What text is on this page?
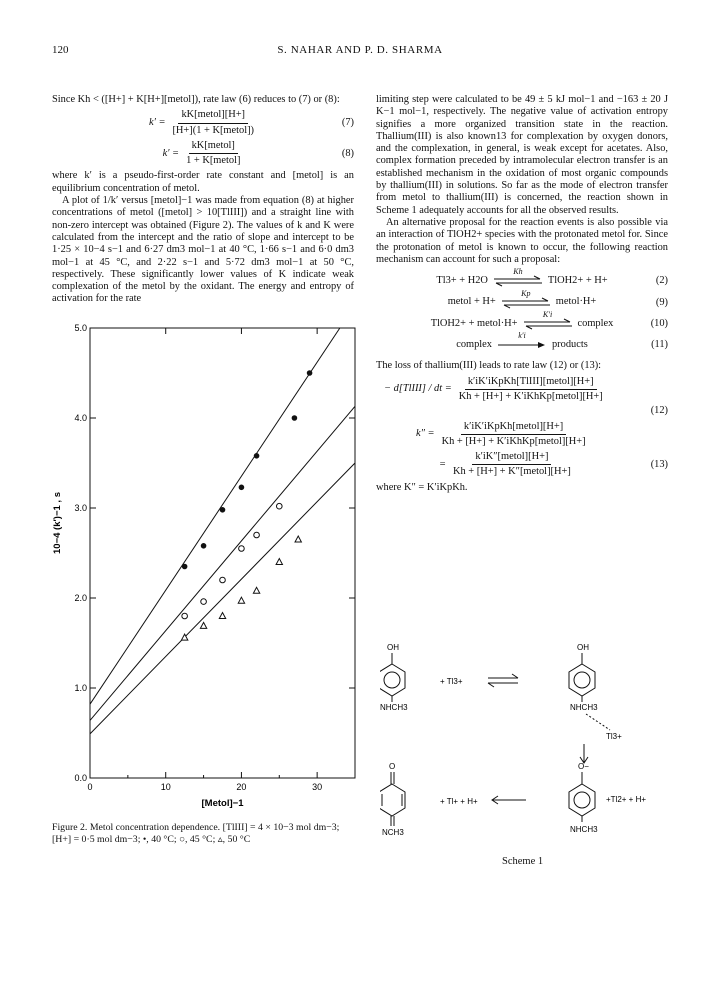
120	S. NAHAR AND P. D. SHARMA

Since Kh < ([H+] + K[H+][metol]), rate law (6) reduces to (7) or (8):

$k' = \frac{\text{kK[metol][H+]}}{\text{[H+](1 + K[metol])}}$	(7)
$k' = \frac{\text{kK[metol]}}{\text{1 + K[metol]}}$	(8)

where k′ is a pseudo-first-order rate constant and [metol] is an equilibrium concentration of metol.

A plot of 1/k′ versus [metol]−1 was made from equation (8) at higher concentrations of metol ([metol] > 10[TlIII]) and a straight line with non-zero intercept was obtained (Figure 2). The values of k and K were calculated from the intercept and the ratio of slope and intercept to be 1·25 × 10−4 s−1 and 6·27 dm3 mol−1 at 40 °C, 1·66 s−1 and 6·0 dm3 mol−1 at 45 °C, and 2·22 s−1 and 5·72 dm3 mol−1 at 50 °C, respectively. These significantly lower values of K indicate weak complexation of the metol by the oxidant. The energy and entropy of activation for the rate

0.0
1.0
2.0
3.0
4.0
5.0
0	10	20	30
[Metol]−1
10−4 (k′)−1 , s
Figure 2. Metol concentration dependence. [TlIII] = 4 × 10−3 mol dm−3; [H+] = 0·5 mol dm−3; •, 40 °C; ○, 45 °C; ▵, 50 °C

limiting step were calculated to be 49 ± 5 kJ mol−1 and −163 ± 20 J K−1 mol−1, respectively. The negative value of activation entropy signifies a more organized transition state in the reaction. Thallium(III) is also known13 for complexation by oxygen donors, and the complexation, in general, is weak except for acetates. Also, complex formation preceded by intramolecular electron transfer is an established mechanism in the oxidation of most organic compounds by thallium(III) in solutions. So far as the mode of electron transfer from metol to thallium(III) is concerned, the reaction shown in Scheme 1 adequately accounts for all the observed results.

An alternative proposal for the reaction events is also possible via an interaction of TlOH2+ species with the protonated metol for. Since the protonation of metol is known to occur, the following reaction mechanism can account for such a proposal:

Tl3+ + H2O
Kh
TlOH2+ + H+	(2)
metol + H+
Kp
metol·H+	(9)
TlOH2+ + metol·H+
K′i
complex	(10)
complex
k′i
products	(11)

The loss of thallium(III) leads to rate law (12) or (13):

− d[TlIII] / dt = $\frac{\text{k′iK′iKpKh[TlIII][metol][H+]}}{\text{Kh + [H+] + K′iKhKp[metol][H+]}}$
(12)
$k'' = \frac{\text{k′iK′iKpKh[metol][H+]}}{\text{Kh + [H+] + K′iKhKp[metol][H+]}}$
= $\frac{\text{k′iK″[metol][H+]}}{\text{Kh + [H+] + K″[metol][H+]}}$	(13)

where K″ = K′iKpKh.

OH
NHCH3
+ Tl3+
OH
NHCH3
Tl3+
O
NCH3
+ Tl+ + H+
O−
NHCH3
+Tl2+ + H+
Scheme 1
